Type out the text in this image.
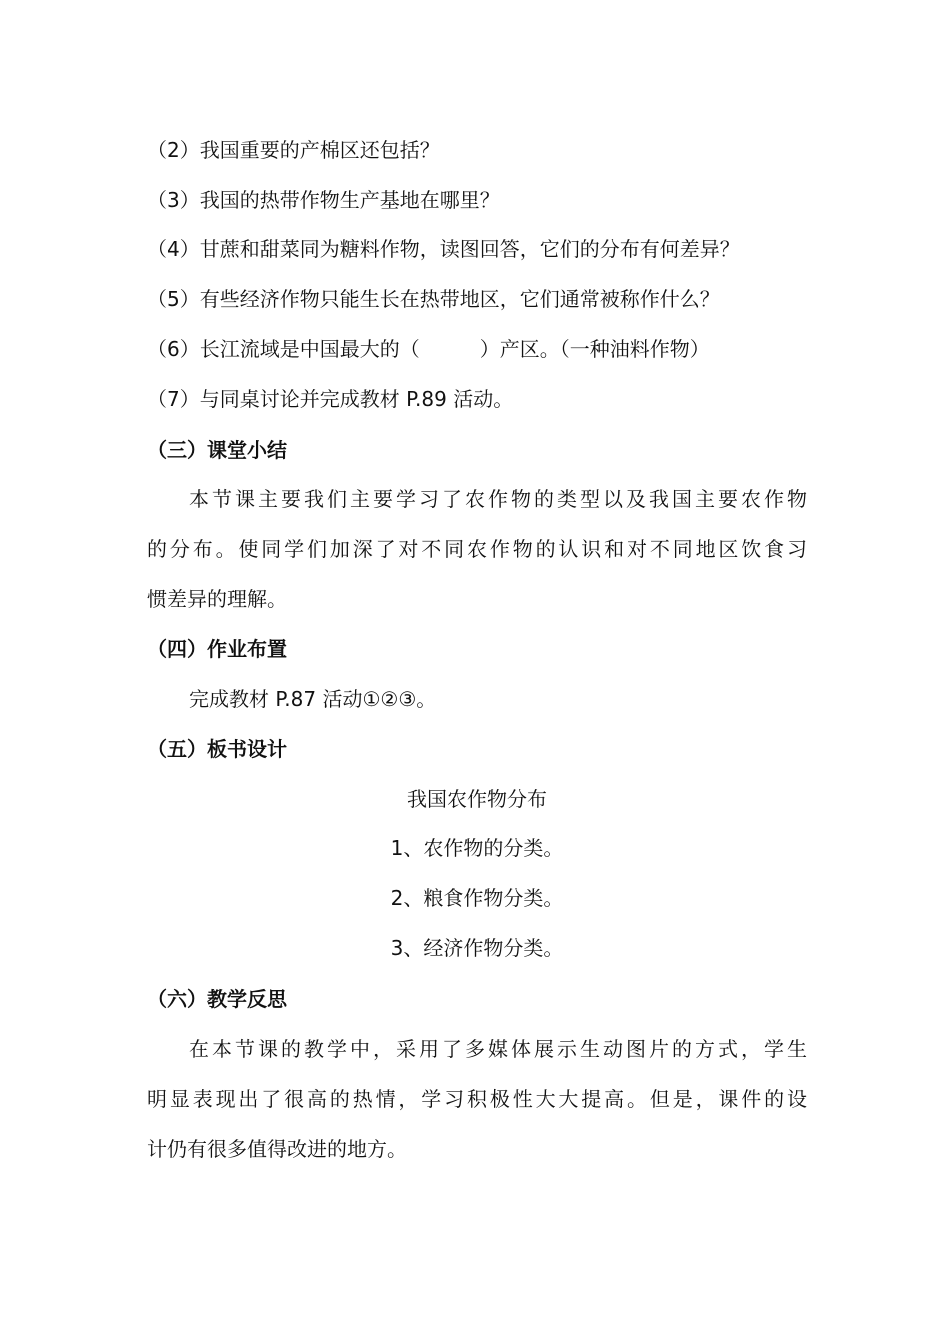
（2）我国重要的产棉区还包括？
（3）我国的热带作物生产基地在哪里？
（4）甘蔗和甜菜同为糖料作物，读图回答，它们的分布有何差异？
（5）有些经济作物只能生长在热带地区，它们通常被称作什么？
（6）长江流域是中国最大的（　　　）产区。（一种油料作物）
（7）与同桌讨论并完成教材 P.89 活动。
（三）课堂小结
本节课主要我们主要学习了农作物的类型以及我国主要农作物
的分布。使同学们加深了对不同农作物的认识和对不同地区饮食习
惯差异的理解。
（四）作业布置
完成教材 P.87 活动①②③。
（五）板书设计
我国农作物分布
1、农作物的分类。
2、粮食作物分类。
3、经济作物分类。
（六）教学反思
在本节课的教学中，采用了多媒体展示生动图片的方式，学生
明显表现出了很高的热情，学习积极性大大提高。但是，课件的设
计仍有很多值得改进的地方。
